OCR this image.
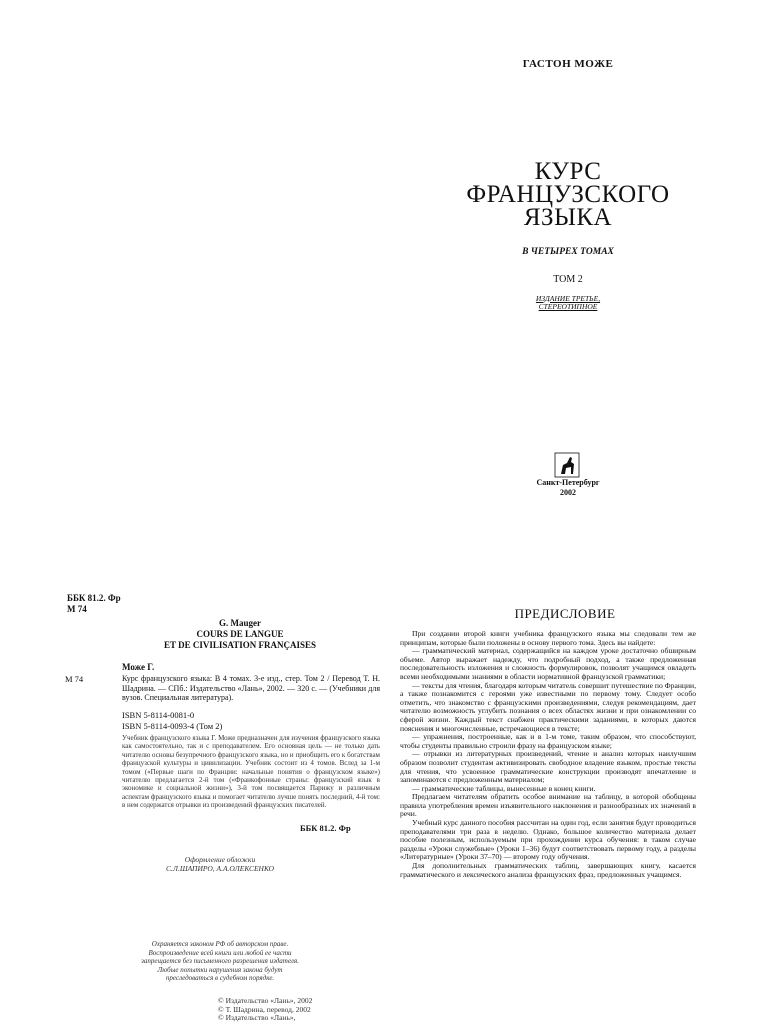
ГАСТОН МОЖЕ
КУРС
ФРАНЦУЗСКОГО
ЯЗЫКА
В ЧЕТЫРЕХ ТОМАХ
ТОМ 2
ИЗДАНИЕ ТРЕТЬЕ,
СТЕРЕОТИПНОЕ
Санкт-Петербург
2002
ББК 81.2. Фр
М 74
G. Mauger
COURS DE LANGUE
ET DE CIVILISATION FRANÇAISES
Може Г.
М 74	Курс французского языка: В 4 томах. 3-е изд., стер. Том 2 / Перевод Т. Н. Шадрина. — СПб.: Издательство «Лань», 2002. — 320 с. — (Учебники для вузов. Специальная литература).
ISBN 5-8114-0081-0
ISBN 5-8114-0093-4 (Том 2)
Учебник французского языка Г. Може предназначен для изучения французского языка как самостоятельно, так и с преподавателем. Его основная цель — не только дать читателю основы безупречного французского языка, но и приобщить его к богатствам французской культуры и цивилизации. Учебник состоит из 4 томов. Вслед за 1-м томом («Первые шаги по Франции: начальные понятия о французском языке») читателю предлагается 2-й том («Франкофонные страны: французский язык в экономике и социальной жизни»), 3-й том посвящается Парижу и различным аспектам французского языка и помогает читателю лучше понять последний, 4-й том: в нем содержатся отрывки из произведений французских писателей.
ББК 81.2. Фр
Оформление обложки
С.Л.ШАПИРО, А.А.ОЛЕКСЕНКО
Охраняется законом РФ об авторском праве.
Воспроизведение всей книги или любой ее части
запрещается без письменного разрешения издателя.
Любые попытки нарушения закона будут
преследоваться в судебном порядке.
© Издательство «Лань», 2002
© Т. Шадрина, перевод, 2002
© Издательство «Лань»,
ПРЕДИСЛОВИЕ

При создании второй книги учебника французского языка мы следовали тем же принципам, которые были положены в основу первого тома. Здесь вы найдете:

— грамматический материал, содержащийся на каждом уроке достаточно обширным объеме. Автор выражает надежду, что подробный подход, а также предложенная последовательность изложения и сложность формулировок, позволят учащимся овладеть всеми необходимыми знаниями в области нормативной французской грамматики;

— тексты для чтения, благодаря которым читатель совершит путешествие по Франции, а также познакомится с героями уже известными по первому тому. Следует особо отметить, что знакомство с французскими произведениями, следуя рекомендациям, дает читателю возможность углубить познания о всех областях жизни и при ознакомлении со сферой жизни. Каждый текст снабжен практическими заданиями, в которых даются пояснения и многочисленные, встречающиеся в тексте;

— упражнения, построенные, как и в 1-м томе, таким образом, что способствуют, чтобы студенты правильно строили фразу на французском языке;

— отрывки из литературных произведений, чтение и анализ которых наилучшим образом позволит студентам активизировать свободное владение языком, простые тексты для чтения, что усвоенное грамматические конструкции производят впечатление и запоминаются с предложенным материалом;

— грамматические таблицы, вынесенные в конец книги.

Предлагаем читателям обратить особое внимание на таблицу, в которой обобщены правила употребления времен изъявительного наклонения и разнообразных их значений в речи.

Учебный курс данного пособия рассчитан на один год, если занятия будут проводиться преподавателями три раза в неделю. Однако, большое количество материала делает пособие полезным, используемым при прохождении курса обучения: в таком случае разделы «Уроки служебные» (Уроки 1–36) будут соответствовать первому году, а разделы «Литературные» (Уроки 37–70) — второму году обучения.

Для дополнительных грамматических таблиц, завершающих книгу, касается грамматического и лексического анализа французских фраз, предложенных учащимся.
